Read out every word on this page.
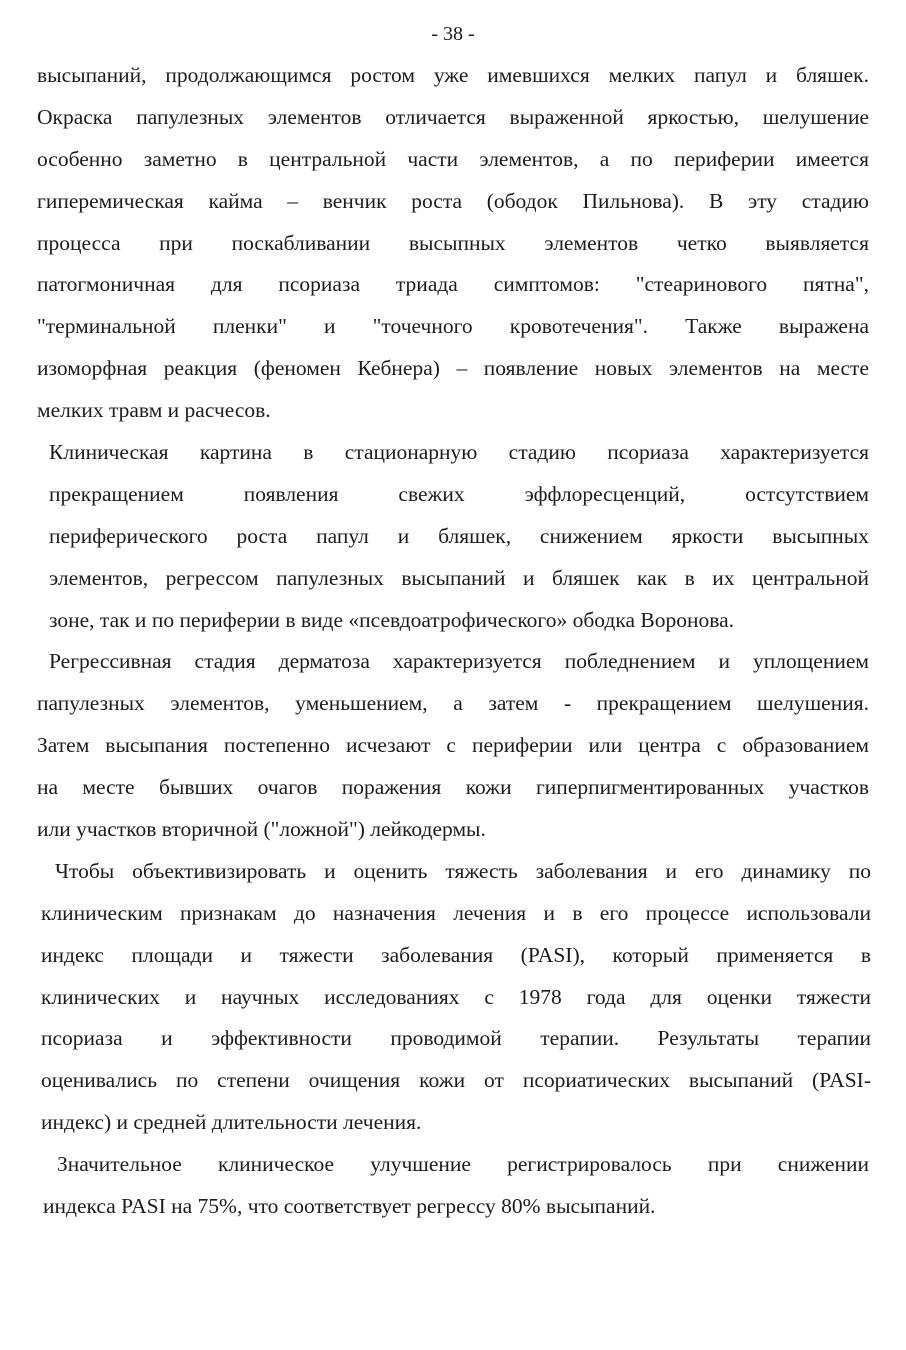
- 38 -
высыпаний, продолжающимся ростом уже имевшихся мелких папул и бляшек.
Окраска папулезных элементов отличается выраженной яркостью, шелушение
особенно заметно в центральной части элементов, а по периферии имеется
гиперемическая кайма – венчик роста (ободок Пильнова). В эту стадию
процесса при поскабливании высыпных элементов четко выявляется
патогмоничная для псориаза триада симптомов: "стеаринового пятна",
"терминальной пленки" и "точечного кровотечения". Также выражена
изоморфная реакция (феномен Кебнера) – появление новых элементов на месте
мелких травм и расчесов.
Клиническая картина в стационарную стадию псориаза характеризуется
прекращением появления свежих эффлоресценций, остсутствием
периферического роста папул и бляшек, снижением яркости высыпных
элементов, регрессом папулезных высыпаний и бляшек как в их центральной
зоне, так и по периферии в виде «псевдоатрофического» ободка Воронова.
Регрессивная стадия дерматоза характеризуется побледнением и уплощением
папулезных элементов, уменьшением, а затем - прекращением шелушения.
Затем высыпания постепенно исчезают с периферии или центра с образованием
на месте бывших очагов поражения кожи гиперпигментированных участков
или участков вторичной ("ложной") лейкодермы.
Чтобы объективизировать и оценить тяжесть заболевания и его динамику по
клиническим признакам до назначения лечения и в его процессе использовали
индекс площади и тяжести заболевания (PASI), который применяется в
клинических и научных исследованиях с 1978 года для оценки тяжести
псориаза и эффективности проводимой терапии. Результаты терапии
оценивались по степени очищения кожи от псориатических высыпаний (PASI-
индекс) и средней длительности лечения.
Значительное клиническое улучшение регистрировалось при снижении
индекса PASI на 75%, что соответствует регрессу 80% высыпаний.
